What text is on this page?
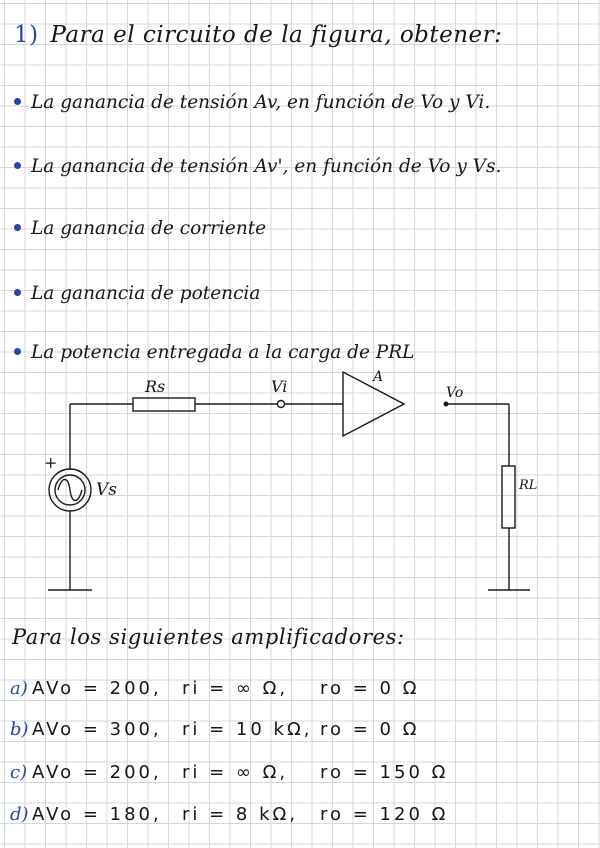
1) Para el circuito de la figura, obtener:
La ganancia de tensión Av, en función de Vo y Vi.
La ganancia de tensión Av', en función de Vo y Vs.
La ganancia de corriente
La ganancia de potencia
La potencia entregada a la carga de PRL
Rs	Vi	A
Vo
Vs
+
RL
Para los siguientes amplificadores:
a) AVo = 200, ri = ∞ Ω, ro = 0 Ω
b) AVo = 300, ri = 10 kΩ, ro = 0 Ω
c) AVo = 200, ri = ∞ Ω, ro = 150 Ω
d) AVo = 180, ri = 8 kΩ, ro = 120 Ω
